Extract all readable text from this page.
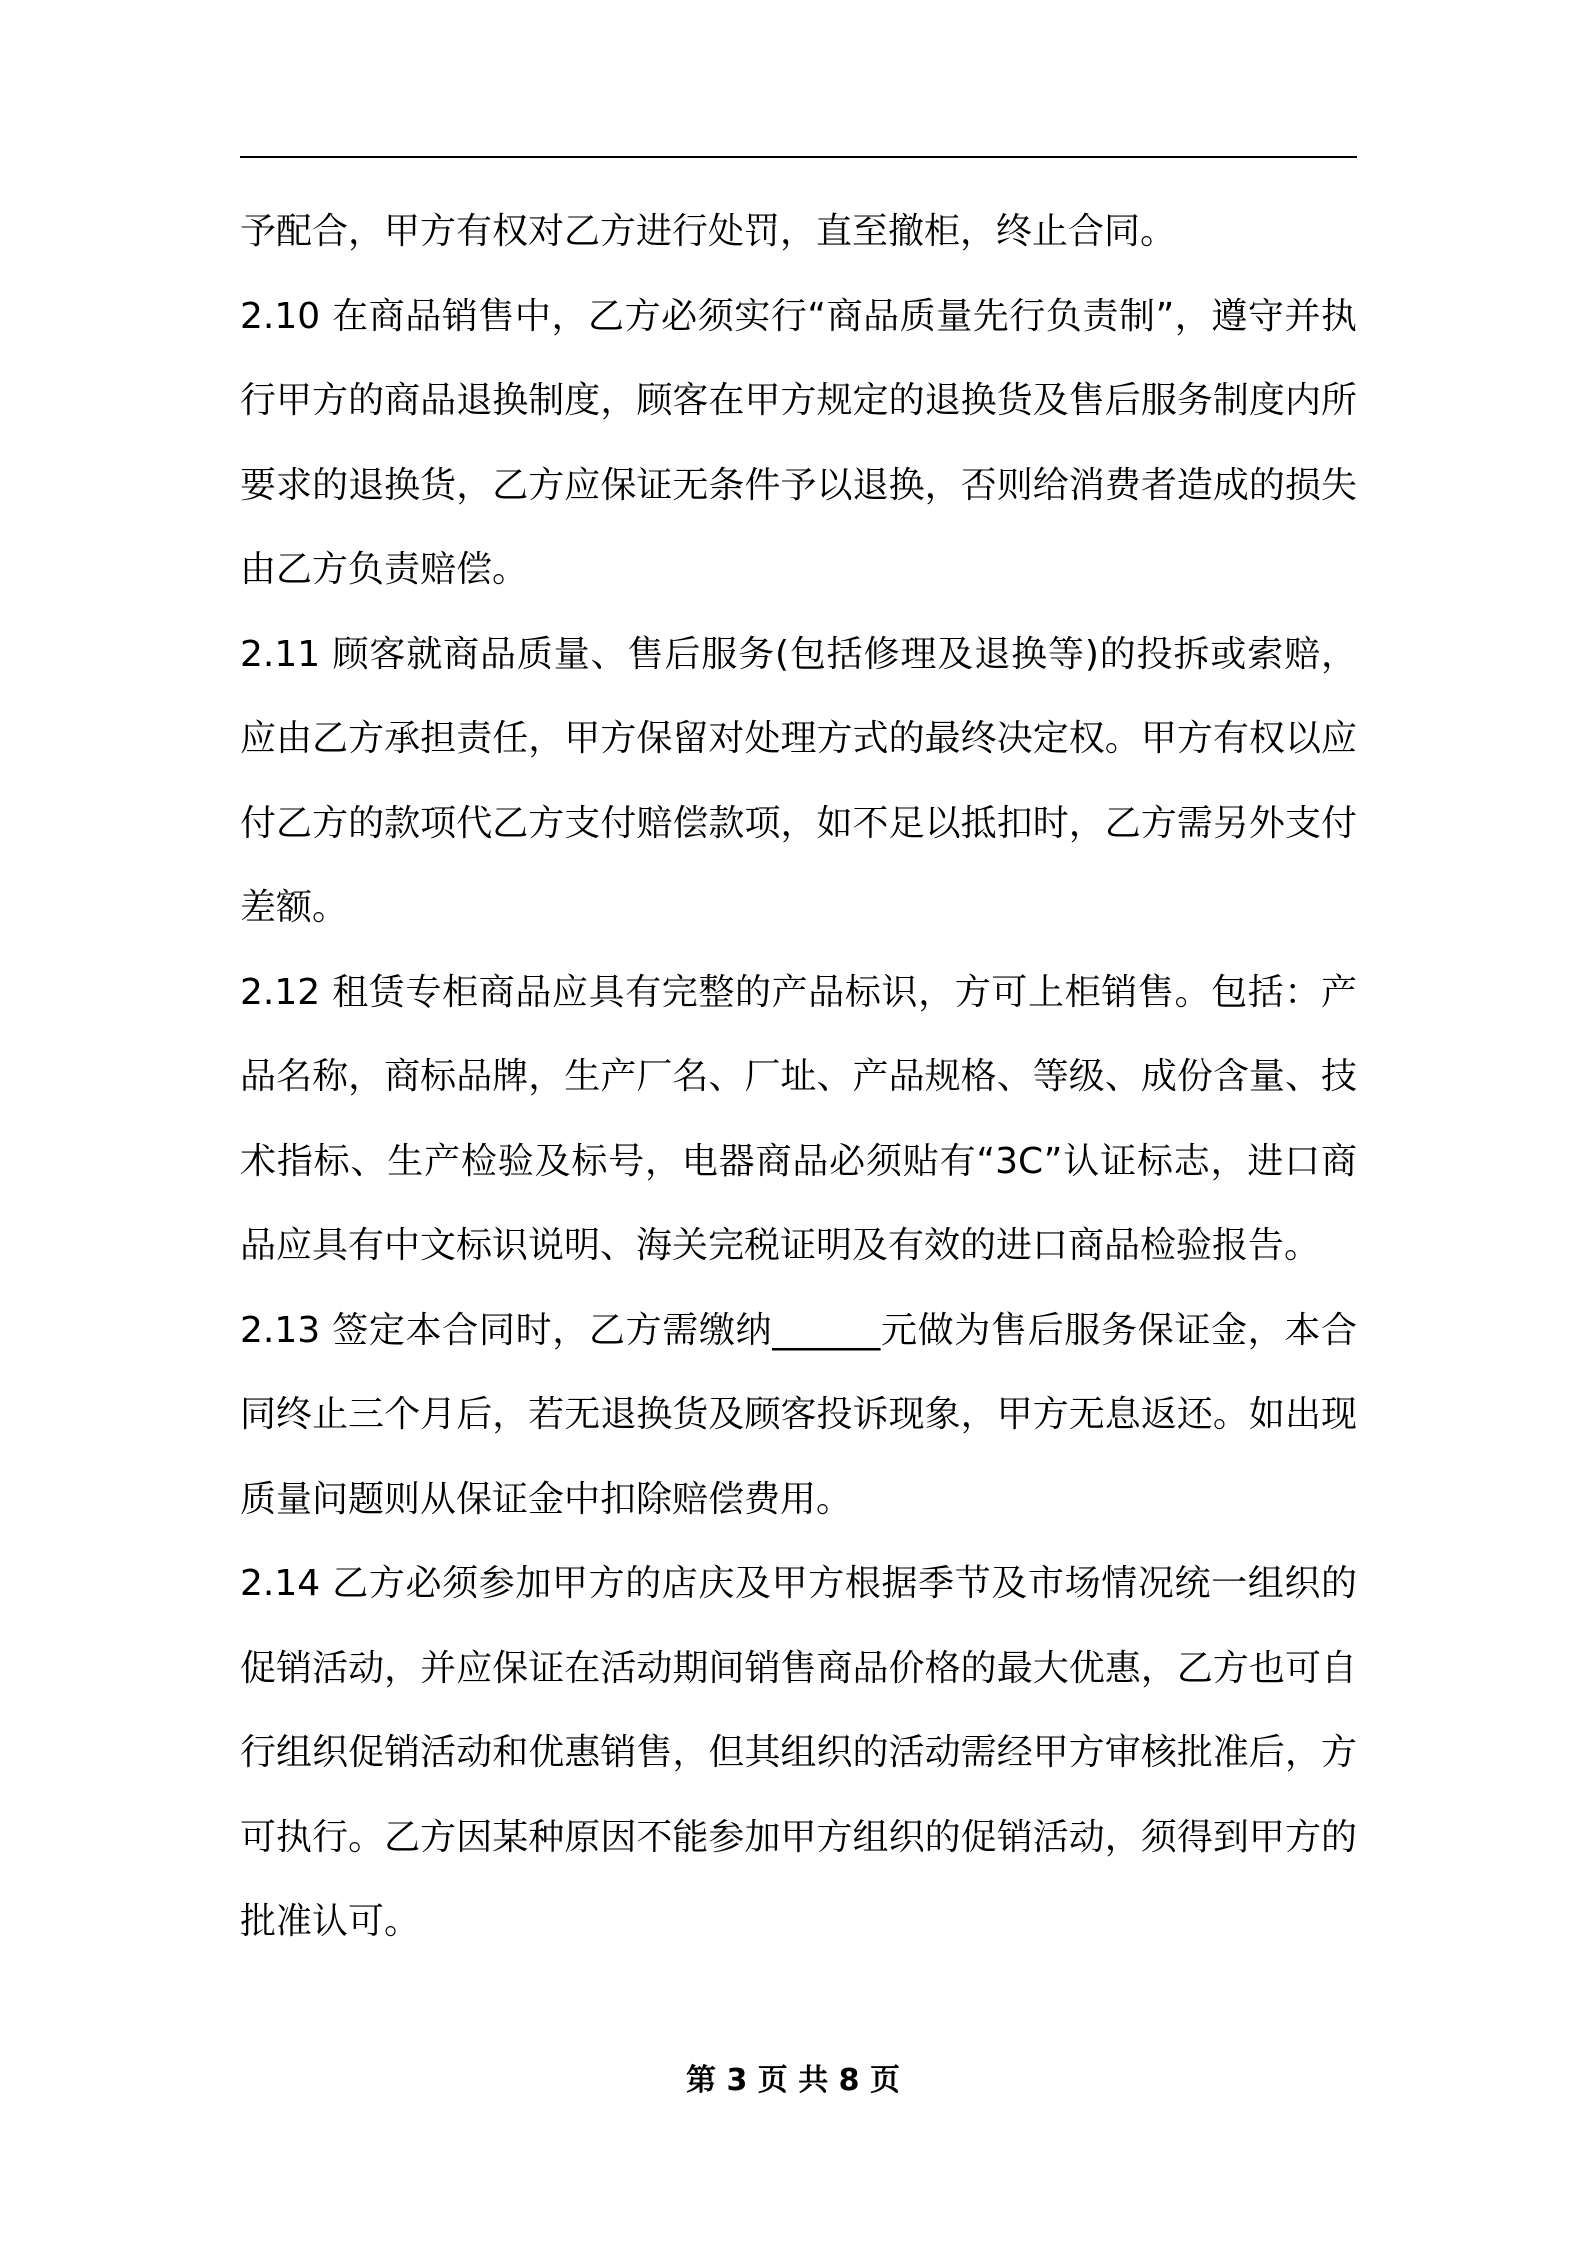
予配合，甲方有权对乙方进行处罚，直至撤柜，终止合同。

2.10 在商品销售中，乙方必须实行“商品质量先行负责制”，遵守并执行甲方的商品退换制度，顾客在甲方规定的退换货及售后服务制度内所要求的退换货，乙方应保证无条件予以退换，否则给消费者造成的损失由乙方负责赔偿。

2.11 顾客就商品质量、售后服务(包括修理及退换等)的投拆或索赔，应由乙方承担责任，甲方保留对处理方式的最终决定权。甲方有权以应付乙方的款项代乙方支付赔偿款项，如不足以抵扣时，乙方需另外支付差额。

2.12 租赁专柜商品应具有完整的产品标识，方可上柜销售。包括：产品名称，商标品牌，生产厂名、厂址、产品规格、等级、成份含量、技术指标、生产检验及标号，电器商品必须贴有“3C”认证标志，进口商品应具有中文标识说明、海关完税证明及有效的进口商品检验报告。

2.13 签定本合同时，乙方需缴纳______元做为售后服务保证金，本合同终止三个月后，若无退换货及顾客投诉现象，甲方无息返还。如出现质量问题则从保证金中扣除赔偿费用。

2.14 乙方必须参加甲方的店庆及甲方根据季节及市场情况统一组织的促销活动，并应保证在活动期间销售商品价格的最大优惠，乙方也可自行组织促销活动和优惠销售，但其组织的活动需经甲方审核批准后，方可执行。乙方因某种原因不能参加甲方组织的促销活动，须得到甲方的批准认可。

第 3 页 共 8 页
